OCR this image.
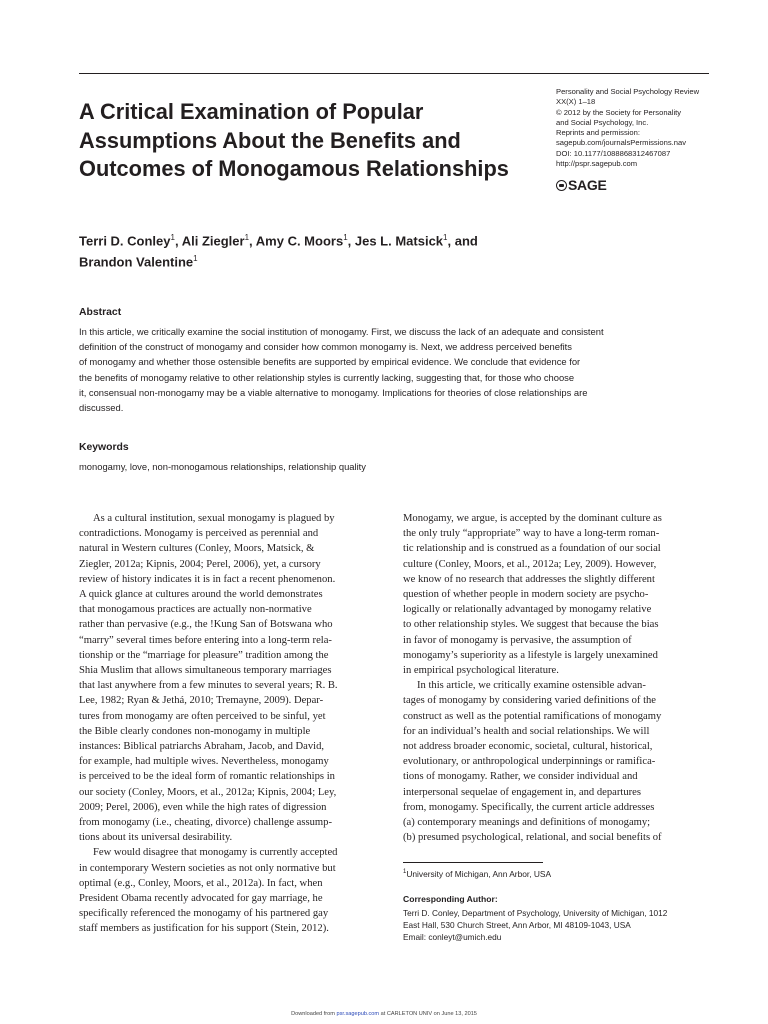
A Critical Examination of Popular
Assumptions About the Benefits and
Outcomes of Monogamous Relationships
Personality and Social Psychology Review
XX(X) 1–18
© 2012 by the Society for Personality
and Social Psychology, Inc.
Reprints and permission:
sagepub.com/journalsPermissions.nav
DOI: 10.1177/1088868312467087
http://pspr.sagepub.com
SAGE
Terri D. Conley$^1$, Ali Ziegler$^1$, Amy C. Moors$^1$, Jes L. Matsick$^1$, and
Brandon Valentine$^1$
Abstract
In this article, we critically examine the social institution of monogamy. First, we discuss the lack of an adequate and consistent
definition of the construct of monogamy and consider how common monogamy is. Next, we address perceived benefits
of monogamy and whether those ostensible benefits are supported by empirical evidence. We conclude that evidence for
the benefits of monogamy relative to other relationship styles is currently lacking, suggesting that, for those who choose
it, consensual non-monogamy may be a viable alternative to monogamy. Implications for theories of close relationships are
discussed.
Keywords
monogamy, love, non-monogamous relationships, relationship quality
As a cultural institution, sexual monogamy is plagued by
contradictions. Monogamy is perceived as perennial and
natural in Western cultures (Conley, Moors, Matsick, &
Ziegler, 2012a; Kipnis, 2004; Perel, 2006), yet, a cursory
review of history indicates it is in fact a recent phenomenon.
A quick glance at cultures around the world demonstrates
that monogamous practices are actually non-normative
rather than pervasive (e.g., the !Kung San of Botswana who
“marry” several times before entering into a long-term rela-
tionship or the “marriage for pleasure” tradition among the
Shia Muslim that allows simultaneous temporary marriages
that last anywhere from a few minutes to several years; R. B.
Lee, 1982; Ryan & Jethá, 2010; Tremayne, 2009). Depar-
tures from monogamy are often perceived to be sinful, yet
the Bible clearly condones non-monogamy in multiple
instances: Biblical patriarchs Abraham, Jacob, and David,
for example, had multiple wives. Nevertheless, monogamy
is perceived to be the ideal form of romantic relationships in
our society (Conley, Moors, et al., 2012a; Kipnis, 2004; Ley,
2009; Perel, 2006), even while the high rates of digression
from monogamy (i.e., cheating, divorce) challenge assump-
tions about its universal desirability.
Few would disagree that monogamy is currently accepted
in contemporary Western societies as not only normative but
optimal (e.g., Conley, Moors, et al., 2012a). In fact, when
President Obama recently advocated for gay marriage, he
specifically referenced the monogamy of his partnered gay
staff members as justification for his support (Stein, 2012).
Monogamy, we argue, is accepted by the dominant culture as
the only truly “appropriate” way to have a long-term roman-
tic relationship and is construed as a foundation of our social
culture (Conley, Moors, et al., 2012a; Ley, 2009). However,
we know of no research that addresses the slightly different
question of whether people in modern society are psycho-
logically or relationally advantaged by monogamy relative
to other relationship styles. We suggest that because the bias
in favor of monogamy is pervasive, the assumption of
monogamy’s superiority as a lifestyle is largely unexamined
in empirical psychological literature.
In this article, we critically examine ostensible advan-
tages of monogamy by considering varied definitions of the
construct as well as the potential ramifications of monogamy
for an individual’s health and social relationships. We will
not address broader economic, societal, cultural, historical,
evolutionary, or anthropological underpinnings or ramifica-
tions of monogamy. Rather, we consider individual and
interpersonal sequelae of engagement in, and departures
from, monogamy. Specifically, the current article addresses
(a) contemporary meanings and definitions of monogamy;
(b) presumed psychological, relational, and social benefits of
$^1$University of Michigan, Ann Arbor, USA
Corresponding Author:
Terri D. Conley, Department of Psychology, University of Michigan, 1012
East Hall, 530 Church Street, Ann Arbor, MI 48109-1043, USA
Email: conleyt@umich.edu
Downloaded from psr.sagepub.com at CARLETON UNIV on June 13, 2015
